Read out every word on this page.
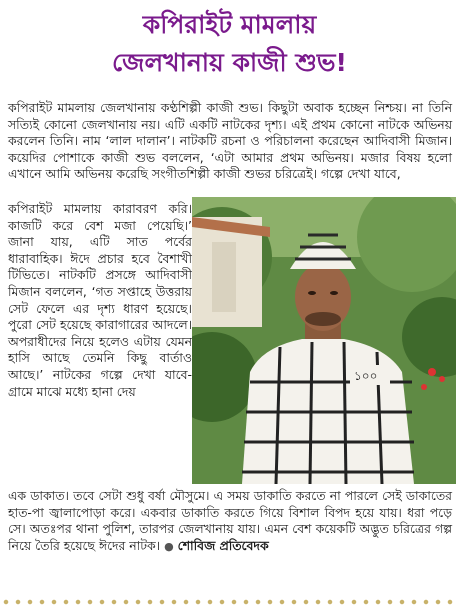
কপিরাইট মামলায়
জেলখানায় কাজী শুভ!

কপিরাইট মামলায় জেলখানায় কণ্ঠশিল্পী কাজী শুভ। কিছুটা অবাক হচ্ছেন নিশ্চয়। না তিনি সত্যিই কোনো জেলখানায় নয়। এটি একটি নাটকের দৃশ্য। এই প্রথম কোনো নাটকে অভিনয় করলেন তিনি। নাম ‘লাল দালান’। নাটকটি রচনা ও পরিচালনা করেছেন আদিবাসী মিজান। কয়েদির পোশাকে কাজী শুভ বললেন, ‘এটা আমার প্রথম অভিনয়। মজার বিষয় হলো এখানে আমি অভিনয় করেছি সংগীতশিল্পী কাজী শুভর চরিত্রেই। গল্পে দেখা যাবে,

কপিরাইট মামলায় কারাবরণ করি। কাজটি করে বেশ মজা পেয়েছি।’ জানা যায়, এটি সাত পর্বের ধারাবাহিক। ঈদে প্রচার হবে বৈশাখী টিভিতে। নাটকটি প্রসঙ্গে আদিবাসী মিজান বললেন, ‘গত সপ্তাহে উত্তরায় সেট ফেলে এর দৃশ্য ধারণ হয়েছে। পুরো সেট হয়েছে কারাগারের আদলে। অপরাধীদের নিয়ে হলেও এটায় যেমন হাসি আছে তেমনি কিছু বার্তাও আছে।’ নাটকের গল্পে দেখা যাবে- গ্রামে মাঝে মধ্যে হানা দেয়

১০০

এক ডাকাত। তবে সেটা শুধু বর্ষা মৌসুমে। এ সময় ডাকাতি করতে না পারলে সেই ডাকাতের হাত-পা জ্বালাপোড়া করে। একবার ডাকাতি করতে গিয়ে বিশাল বিপদ হয়ে যায়। ধরা পড়ে সে। অতঃপর থানা পুলিশ, তারপর জেলখানায় যায়। এমন বেশ কয়েকটি অদ্ভুত চরিত্রের গল্প নিয়ে তৈরি হয়েছে ঈদের নাটক। ● শোবিজ প্রতিবেদক
